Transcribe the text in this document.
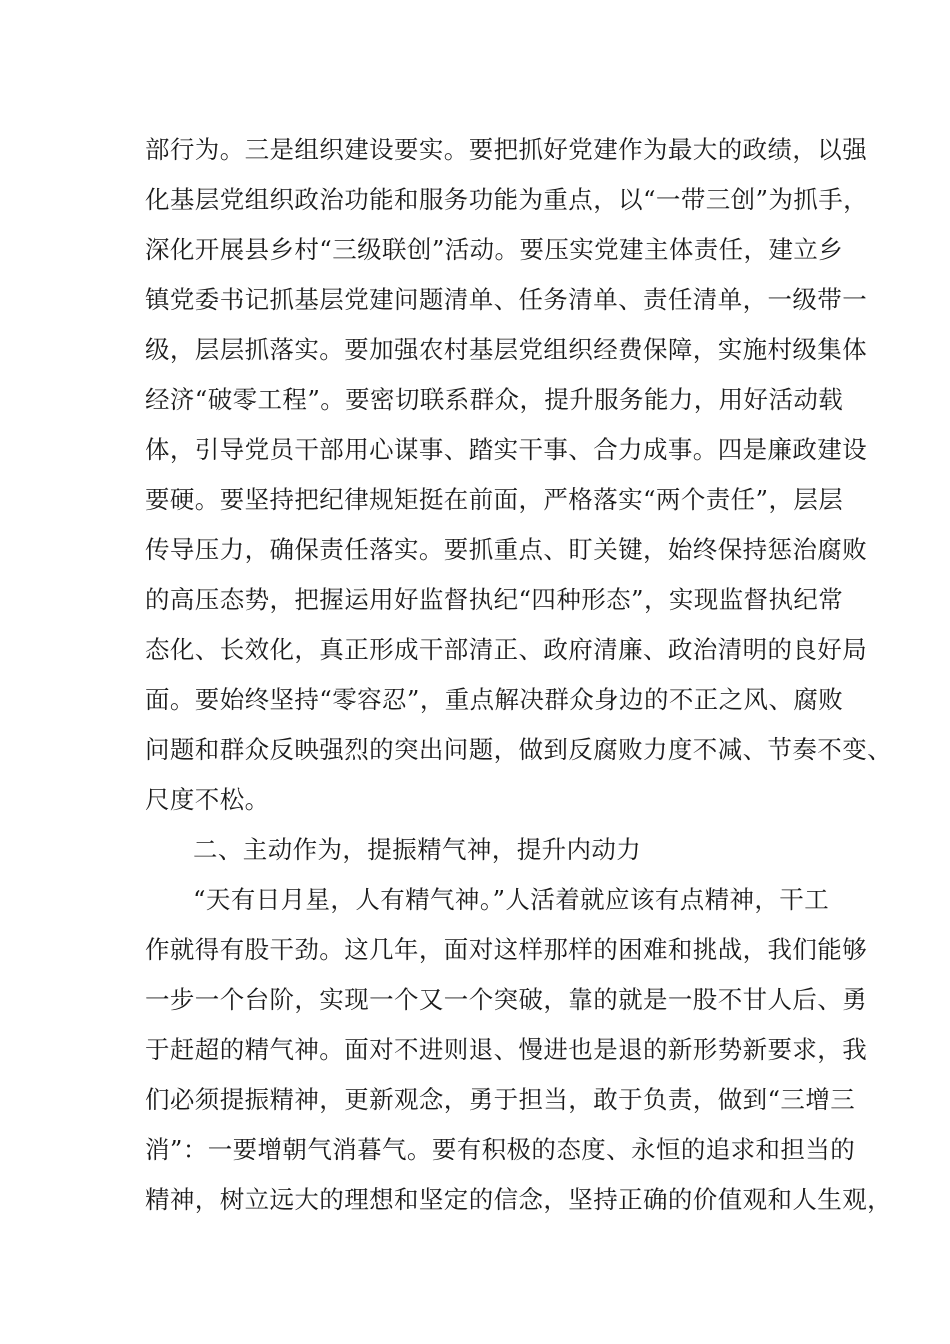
部行为。三是组织建设要实。要把抓好党建作为最大的政绩，以强
化基层党组织政治功能和服务功能为重点，以“一带三创”为抓手，
深化开展县乡村“三级联创”活动。要压实党建主体责任，建立乡
镇党委书记抓基层党建问题清单、任务清单、责任清单，一级带一
级，层层抓落实。要加强农村基层党组织经费保障，实施村级集体
经济“破零工程”。要密切联系群众，提升服务能力，用好活动载
体，引导党员干部用心谋事、踏实干事、合力成事。四是廉政建设
要硬。要坚持把纪律规矩挺在前面，严格落实“两个责任”，层层
传导压力，确保责任落实。要抓重点、盯关键，始终保持惩治腐败
的高压态势，把握运用好监督执纪“四种形态”，实现监督执纪常
态化、长效化，真正形成干部清正、政府清廉、政治清明的良好局
面。要始终坚持“零容忍”，重点解决群众身边的不正之风、腐败
问题和群众反映强烈的突出问题，做到反腐败力度不减、节奏不变、
尺度不松。
二、主动作为，提振精气神，提升内动力
“天有日月星，人有精气神。”人活着就应该有点精神，干工
作就得有股干劲。这几年，面对这样那样的困难和挑战，我们能够
一步一个台阶，实现一个又一个突破，靠的就是一股不甘人后、勇
于赶超的精气神。面对不进则退、慢进也是退的新形势新要求，我
们必须提振精神，更新观念，勇于担当，敢于负责，做到“三增三
消”：一要增朝气消暮气。要有积极的态度、永恒的追求和担当的
精神，树立远大的理想和坚定的信念，坚持正确的价值观和人生观，
